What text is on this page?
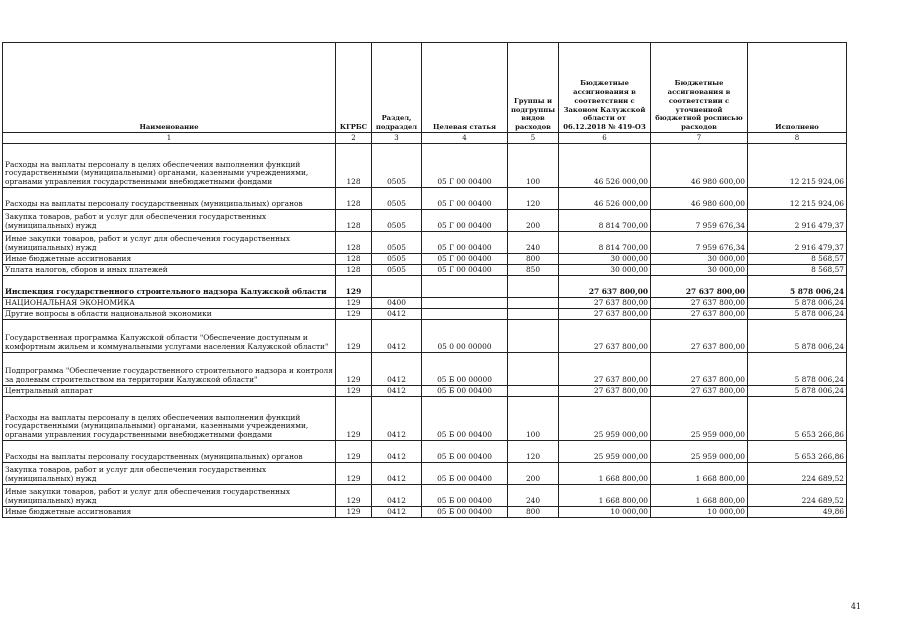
Наименование	КГРБС	Раздел, подраздел	Целевая статья	Группы и подгруппы видов расходов	Бюджетные ассигнования в соответствии с Законом Калужской области от 06.12.2018 № 419-ОЗ	Бюджетные ассигнования в соответствии с уточненной бюджетной росписью расходов	Исполнено
1	2	3	4	5	6	7	8
Расходы на выплаты персоналу в целях обеспечения выполнения функций государственными (муниципальными) органами, казенными учреждениями, органами управления государственными внебюджетными фондами	128	0505	05 Г 00 00400	100	46 526 000,00	46 980 600,00	12 215 924,06
Расходы на выплаты персоналу государственных (муниципальных) органов	128	0505	05 Г 00 00400	120	46 526 000,00	46 980 600,00	12 215 924,06
Закупка товаров, работ и услуг для обеспечения государственных (муниципальных) нужд	128	0505	05 Г 00 00400	200	8 814 700,00	7 959 676,34	2 916 479,37
Иные закупки товаров, работ и услуг для обеспечения государственных (муниципальных) нужд	128	0505	05 Г 00 00400	240	8 814 700,00	7 959 676,34	2 916 479,37
Иные бюджетные ассигнования	128	0505	05 Г 00 00400	800	30 000,00	30 000,00	8 568,57
Уплата налогов, сборов и иных платежей	128	0505	05 Г 00 00400	850	30 000,00	30 000,00	8 568,57
Инспекция государственного строительного надзора Калужской области	129				27 637 800,00	27 637 800,00	5 878 006,24
НАЦИОНАЛЬНАЯ ЭКОНОМИКА	129	0400			27 637 800,00	27 637 800,00	5 878 006,24
Другие вопросы в области национальной экономики	129	0412			27 637 800,00	27 637 800,00	5 878 006,24
Государственная программа Калужской области "Обеспечение доступным и комфортным жильем и коммунальными услугами населения Калужской области"	129	0412	05 0 00 00000		27 637 800,00	27 637 800,00	5 878 006,24
Подпрограмма "Обеспечение государственного строительного надзора и контроля за долевым строительством на территории Калужской области"	129	0412	05 Б 00 00000		27 637 800,00	27 637 800,00	5 878 006,24
Центральный аппарат	129	0412	05 Б 00 00400		27 637 800,00	27 637 800,00	5 878 006,24
Расходы на выплаты персоналу в целях обеспечения выполнения функций государственными (муниципальными) органами, казенными учреждениями, органами управления государственными внебюджетными фондами	129	0412	05 Б 00 00400	100	25 959 000,00	25 959 000,00	5 653 266,86
Расходы на выплаты персоналу государственных (муниципальных) органов	129	0412	05 Б 00 00400	120	25 959 000,00	25 959 000,00	5 653 266,86
Закупка товаров, работ и услуг для обеспечения государственных (муниципальных) нужд	129	0412	05 Б 00 00400	200	1 668 800,00	1 668 800,00	224 689,52
Иные закупки товаров, работ и услуг для обеспечения государственных (муниципальных) нужд	129	0412	05 Б 00 00400	240	1 668 800,00	1 668 800,00	224 689,52
Иные бюджетные ассигнования	129	0412	05 Б 00 00400	800	10 000,00	10 000,00	49,86
41
